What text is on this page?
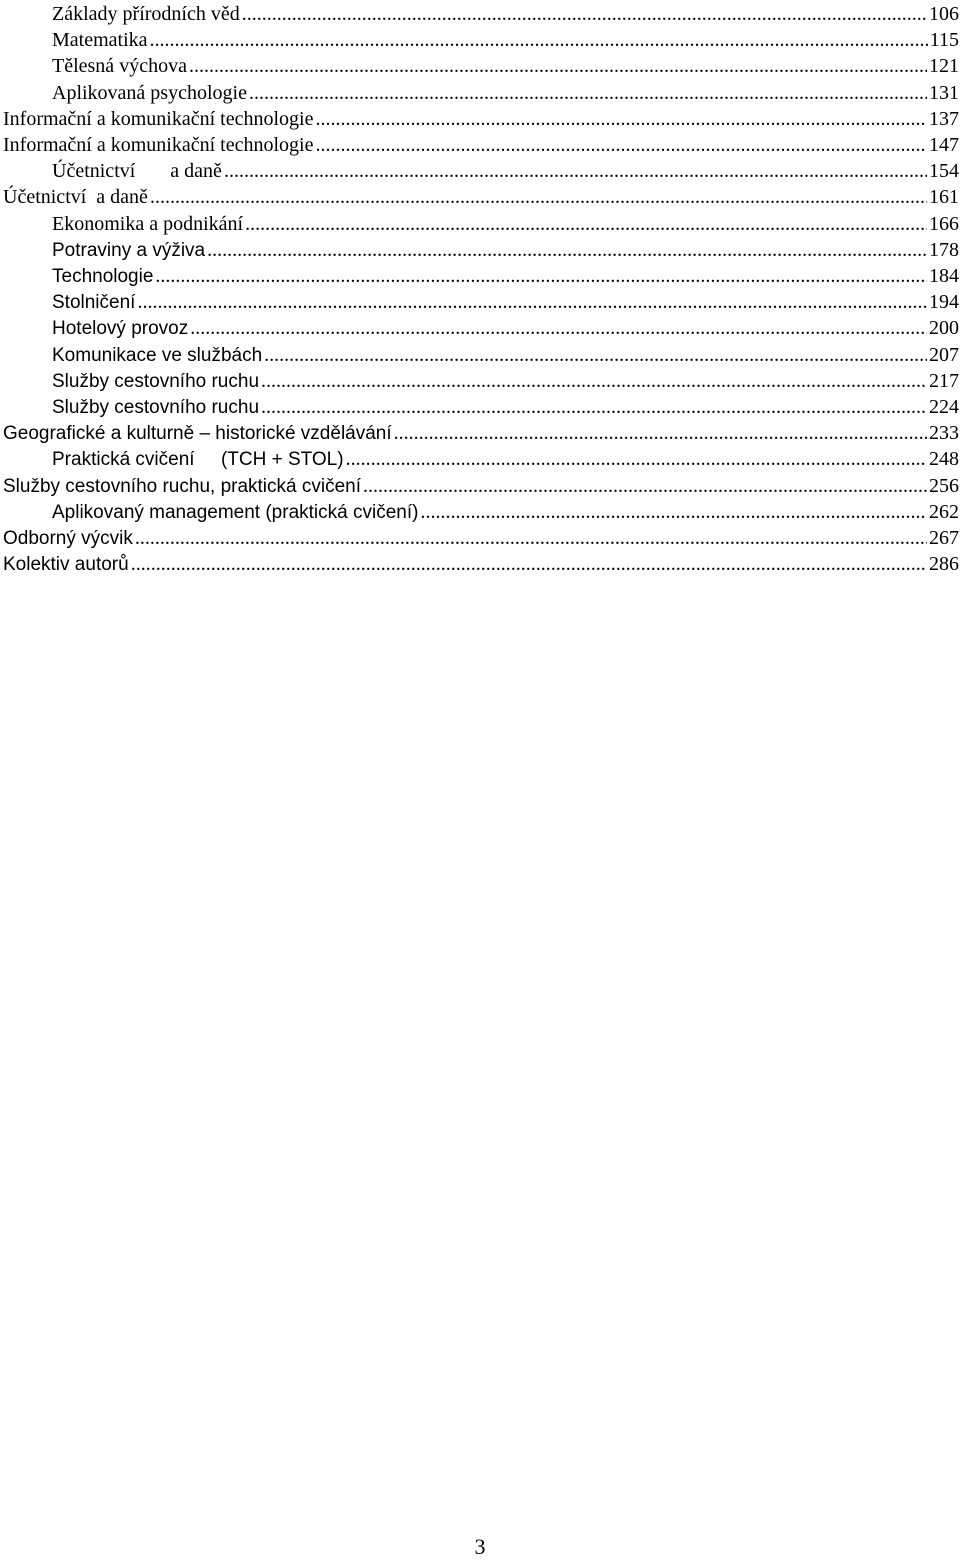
Základy přírodních věd .....	106
Matematika .....	115
Tělesná výchova .....	121
Aplikovaná psychologie .....	131
Informační a komunikační technologie .....	137
Informační a komunikační technologie .....	147
Účetnictví       a daně .....	154
Účetnictví  a daně .....	161
Ekonomika a podnikání .....	166
Potraviny a výživa .....	178
Technologie .....	184
Stolničení .....	194
Hotelový provoz .....	200
Komunikace ve službách .....	207
Služby cestovního ruchu .....	217
Služby cestovního ruchu .....	224
Geografické a kulturně – historické vzdělávání .....	233
Praktická cvičení     (TCH + STOL) .....	248
Služby cestovního ruchu, praktická cvičení .....	256
Aplikovaný management (praktická cvičení) .....	262
Odborný výcvik .....	267
Kolektiv autorů .....	286
3
